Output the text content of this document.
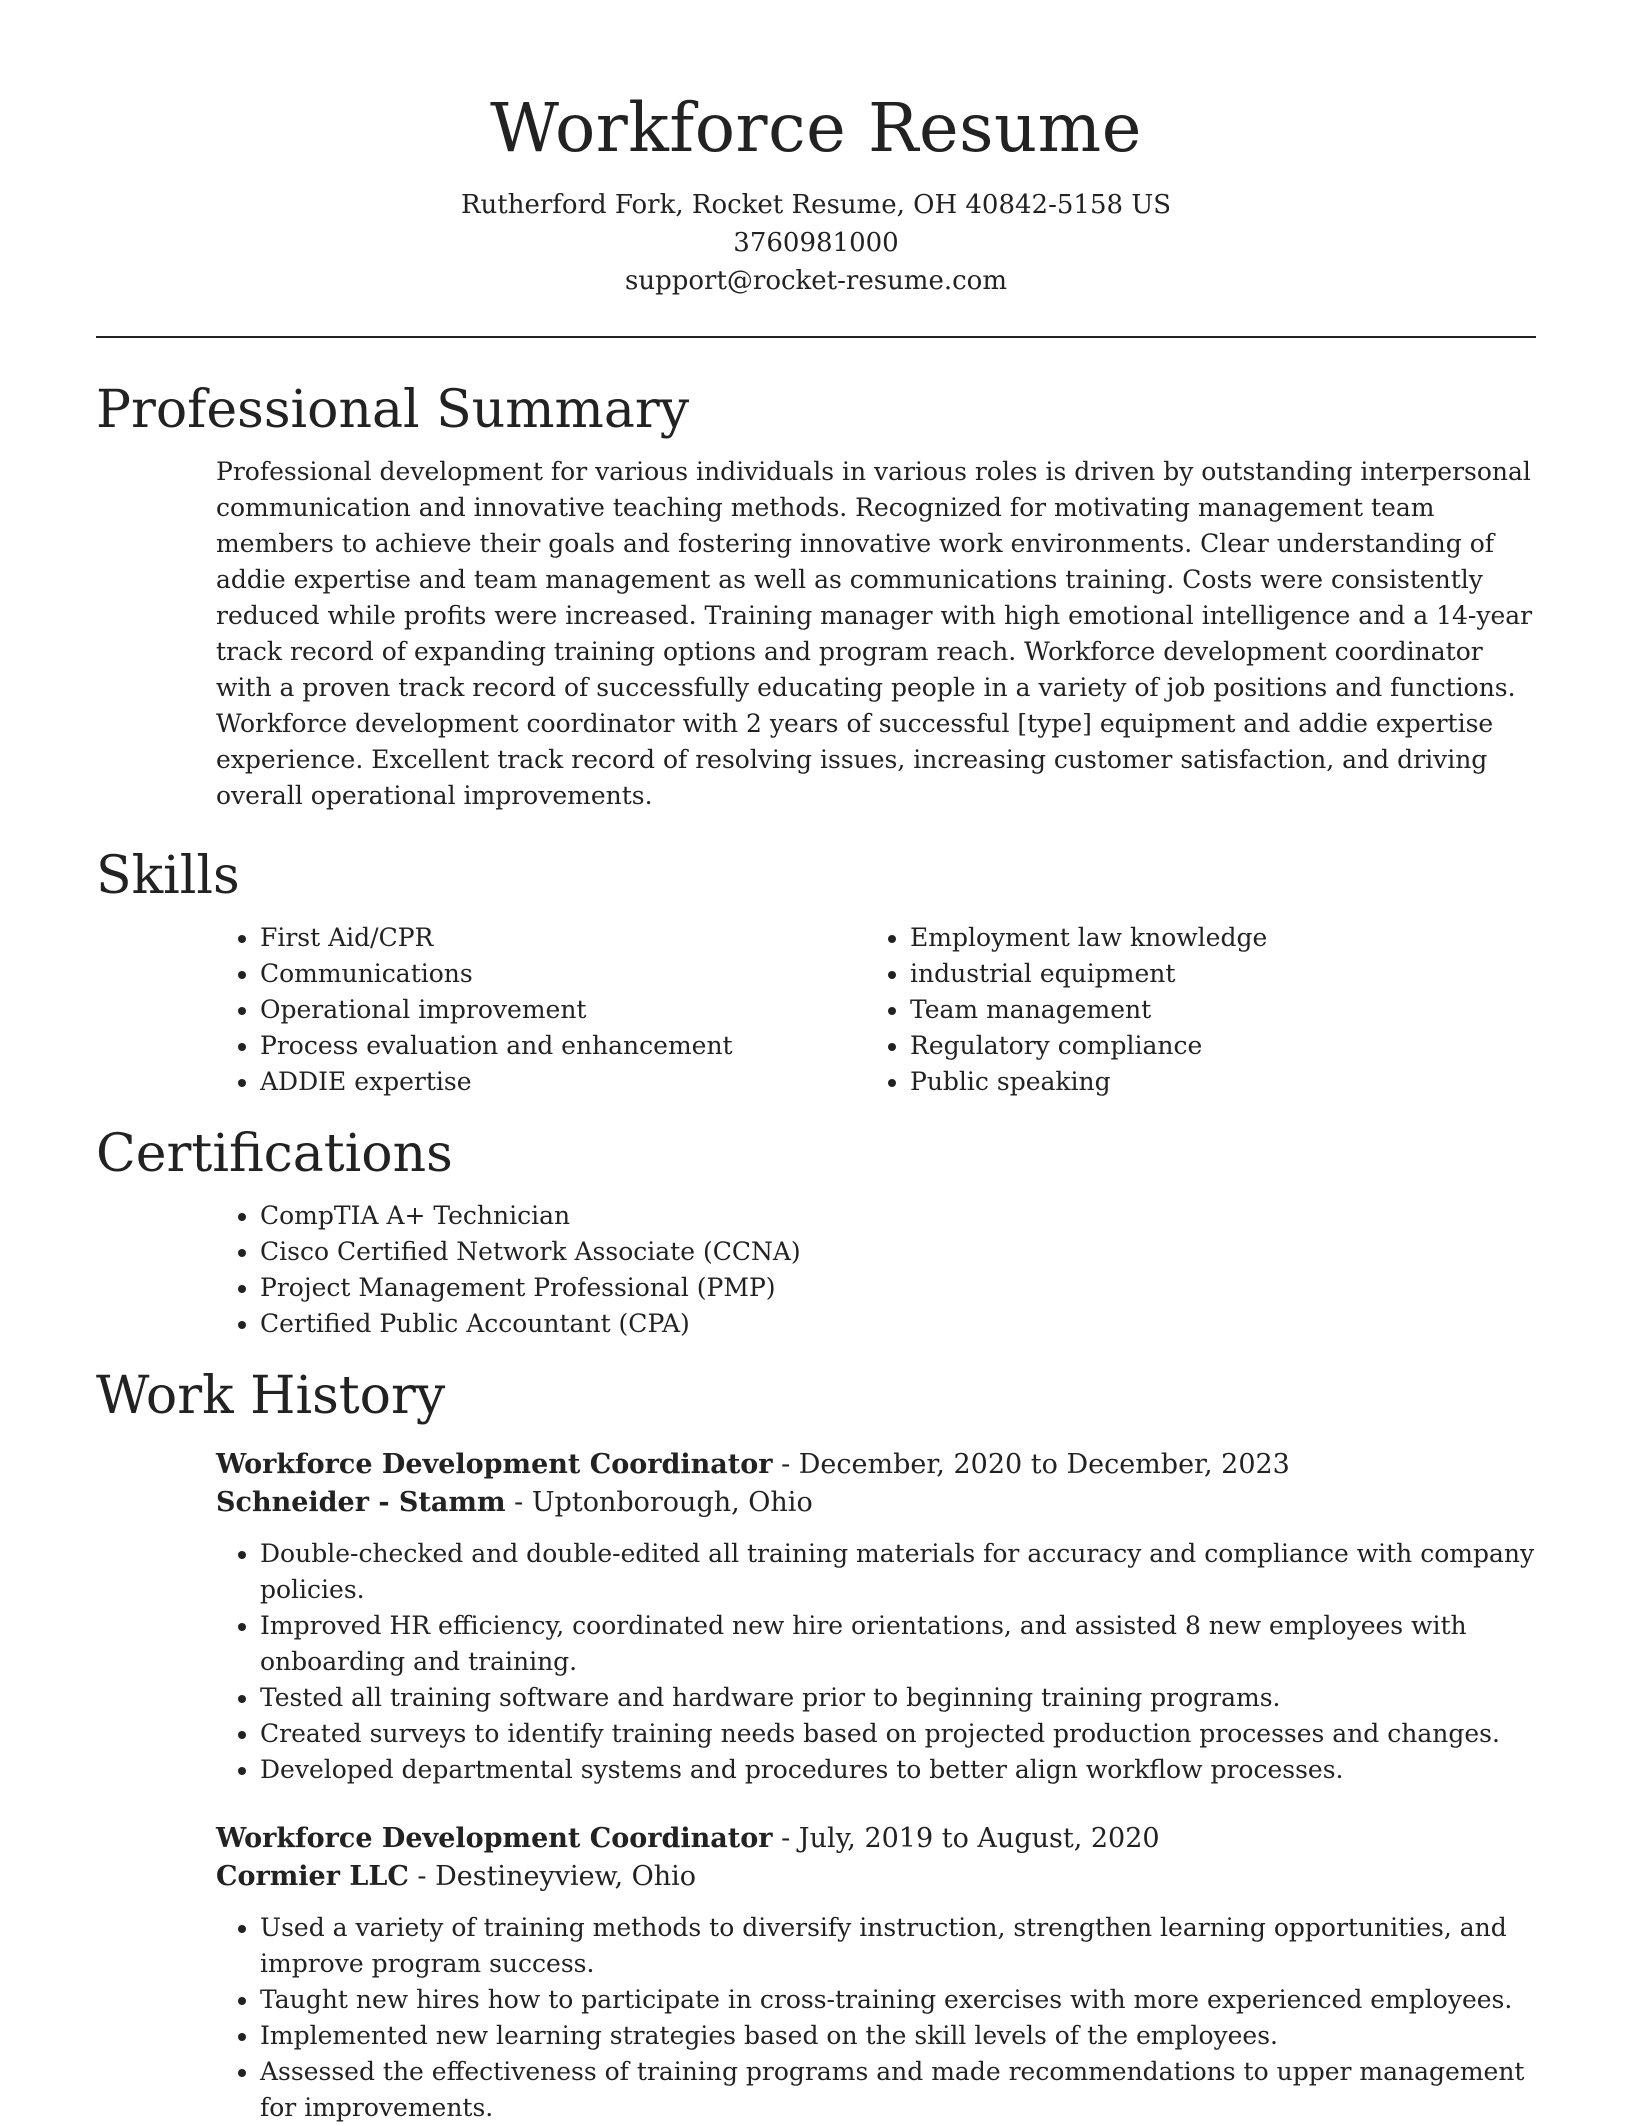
Workforce Resume
Rutherford Fork, Rocket Resume, OH 40842-5158 US
3760981000
support@rocket-resume.com
Professional Summary

Professional development for various individuals in various roles is driven by outstanding interpersonal communication and innovative teaching methods. Recognized for motivating management team members to achieve their goals and fostering innovative work environments. Clear understanding of addie expertise and team management as well as communications training. Costs were consistently reduced while profits were increased. Training manager with high emotional intelligence and a 14-year track record of expanding training options and program reach. Workforce development coordinator with a proven track record of successfully educating people in a variety of job positions and functions. Workforce development coordinator with 2 years of successful [type] equipment and addie expertise experience. Excellent track record of resolving issues, increasing customer satisfaction, and driving overall operational improvements.

Skills
• First Aid/CPR
• Communications
• Operational improvement
• Process evaluation and enhancement
• ADDIE expertise
• Employment law knowledge
• industrial equipment
• Team management
• Regulatory compliance
• Public speaking
Certifications
• CompTIA A+ Technician
• Cisco Certified Network Associate (CCNA)
• Project Management Professional (PMP)
• Certified Public Accountant (CPA)
Work History
Workforce Development Coordinator - December, 2020 to December, 2023
Schneider - Stamm - Uptonborough, Ohio
• Double-checked and double-edited all training materials for accuracy and compliance with company policies.
• Improved HR efficiency, coordinated new hire orientations, and assisted 8 new employees with onboarding and training.
• Tested all training software and hardware prior to beginning training programs.
• Created surveys to identify training needs based on projected production processes and changes.
• Developed departmental systems and procedures to better align workflow processes.
Workforce Development Coordinator - July, 2019 to August, 2020
Cormier LLC - Destineyview, Ohio
• Used a variety of training methods to diversify instruction, strengthen learning opportunities, and improve program success.
• Taught new hires how to participate in cross-training exercises with more experienced employees.
• Implemented new learning strategies based on the skill levels of the employees.
• Assessed the effectiveness of training programs and made recommendations to upper management for improvements.
